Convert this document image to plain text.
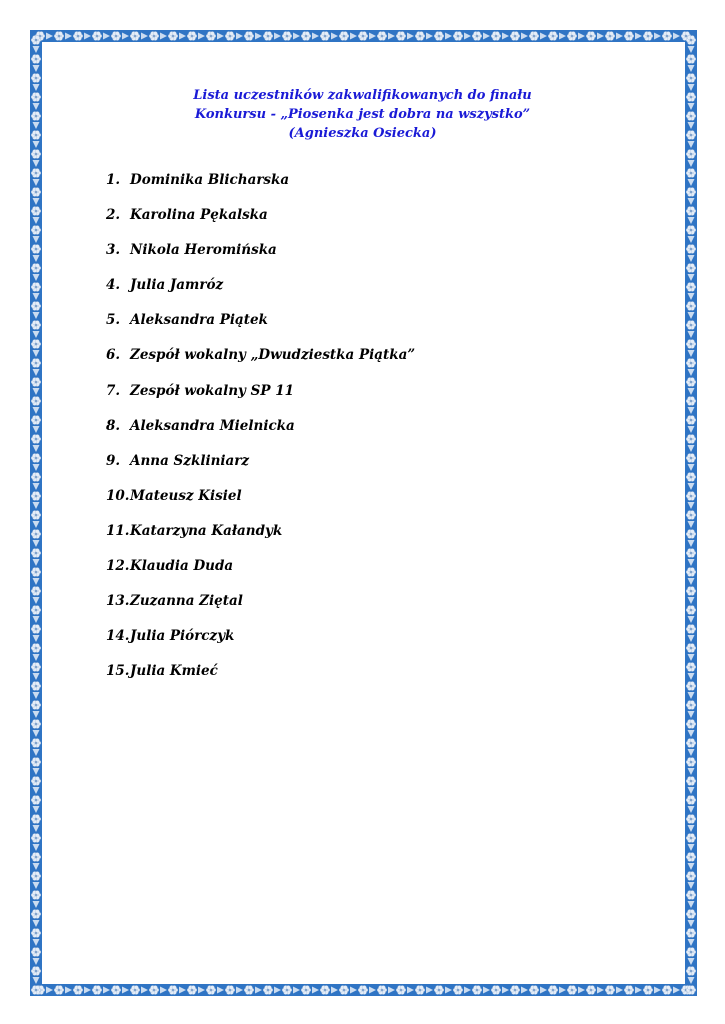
Lista uczestników zakwalifikowanych do finału
Konkursu - „Piosenka jest dobra na wszystko”
(Agnieszka Osiecka)
1. Dominika Blicharska
2. Karolina Pękalska
3. Nikola Heromińska
4. Julia Jamróz
5. Aleksandra Piątek
6. Zespół wokalny „Dwudziestka Piątka”
7. Zespół wokalny SP 11
8. Aleksandra Mielnicka
9. Anna Szkliniarz
10.Mateusz Kisiel
11.Katarzyna Kałandyk
12.Klaudia Duda
13.Zuzanna Ziętal
14.Julia Piórczyk
15.Julia Kmieć
